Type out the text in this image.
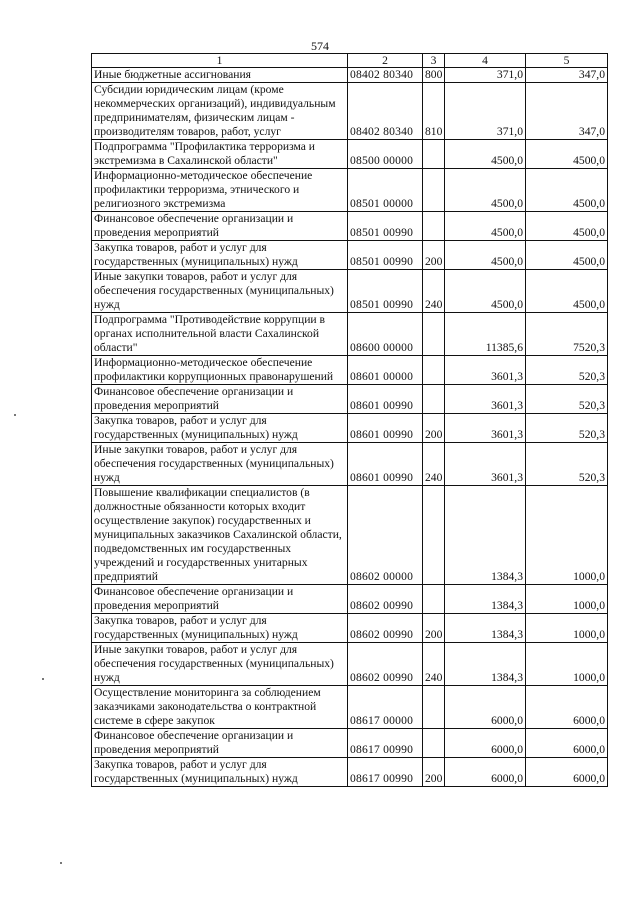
574
1	2	3	4	5
Иные бюджетные ассигнования	08402 80340	800	371,0	347,0
Субсидии юридическим лицам (кроме некоммерческих организаций), индивидуальным предпринимателям, физическим лицам - производителям товаров, работ, услуг	08402 80340	810	371,0	347,0
Подпрограмма "Профилактика терроризма и экстремизма в Сахалинской области"	08500 00000		4500,0	4500,0
Информационно-методическое обеспечение профилактики терроризма, этнического и религиозного экстремизма	08501 00000		4500,0	4500,0
Финансовое обеспечение организации и проведения мероприятий	08501 00990		4500,0	4500,0
Закупка товаров, работ и услуг для государственных (муниципальных) нужд	08501 00990	200	4500,0	4500,0
Иные закупки товаров, работ и услуг для обеспечения государственных (муниципальных) нужд	08501 00990	240	4500,0	4500,0
Подпрограмма "Противодействие коррупции в органах исполнительной власти Сахалинской области"	08600 00000		11385,6	7520,3
Информационно-методическое обеспечение профилактики коррупционных правонарушений	08601 00000		3601,3	520,3
Финансовое обеспечение организации и проведения мероприятий	08601 00990		3601,3	520,3
Закупка товаров, работ и услуг для государственных (муниципальных) нужд	08601 00990	200	3601,3	520,3
Иные закупки товаров, работ и услуг для обеспечения государственных (муниципальных) нужд	08601 00990	240	3601,3	520,3
Повышение квалификации специалистов (в должностные обязанности которых входит осуществление закупок) государственных и муниципальных заказчиков Сахалинской области, подведомственных им государственных учреждений и государственных унитарных предприятий	08602 00000		1384,3	1000,0
Финансовое обеспечение организации и проведения мероприятий	08602 00990		1384,3	1000,0
Закупка товаров, работ и услуг для государственных (муниципальных) нужд	08602 00990	200	1384,3	1000,0
Иные закупки товаров, работ и услуг для обеспечения государственных (муниципальных) нужд	08602 00990	240	1384,3	1000,0
Осуществление мониторинга за соблюдением заказчиками законодательства о контрактной системе в сфере закупок	08617 00000		6000,0	6000,0
Финансовое обеспечение организации и проведения мероприятий	08617 00990		6000,0	6000,0
Закупка товаров, работ и услуг для государственных (муниципальных) нужд	08617 00990	200	6000,0	6000,0
